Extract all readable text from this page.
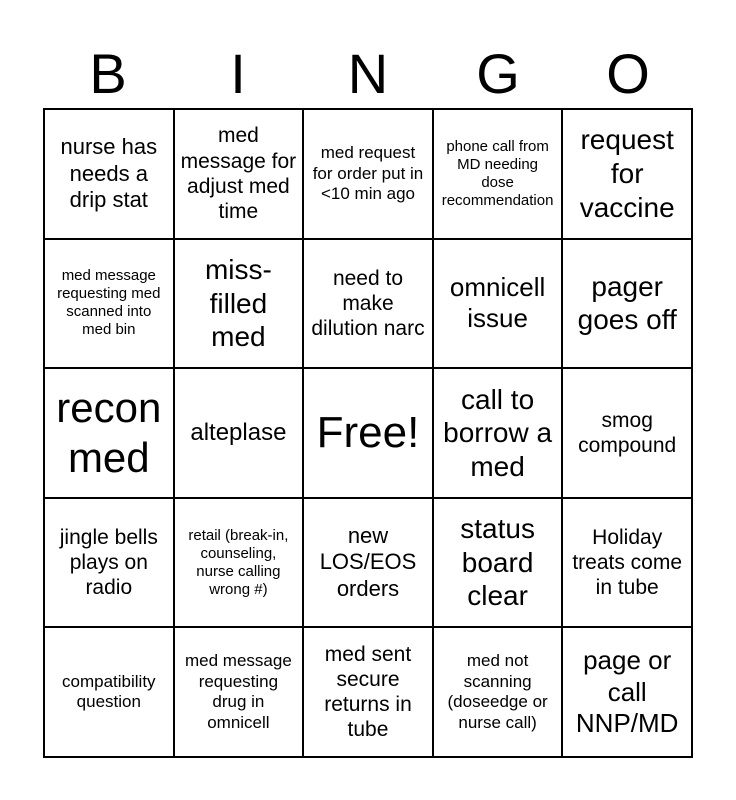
B	I	N	G	O
nurse has needs a drip stat
med message for adjust med time
med request for order put in <10 min ago
phone call from MD needing dose recommendation
request for vaccine
med message requesting med scanned into med bin
miss-filled med
need to make dilution narc
omnicell issue
pager goes off
recon med
alteplase Free!
call to borrow a med
smog compound
jingle bells plays on radio
retail (break-in, counseling, nurse calling wrong #)
new LOS/EOS orders
status board clear
Holiday treats come in tube
compatibility question
med message requesting drug in omnicell
med sent secure returns in tube
med not scanning (doseedge or nurse call)
page or call NNP/MD
